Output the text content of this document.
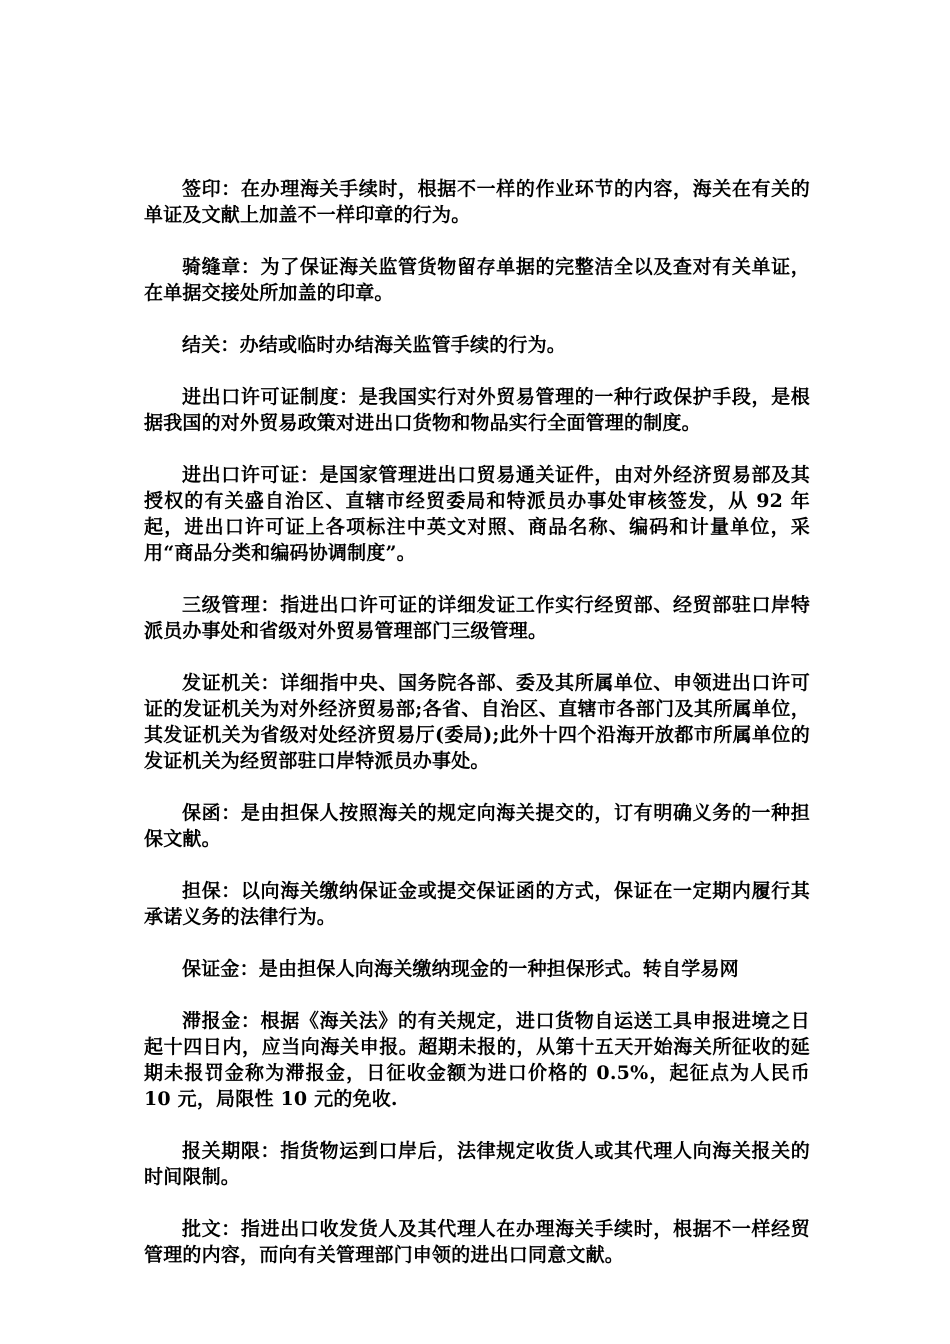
签印：在办理海关手续时，根据不一样的作业环节的内容，海关在有关的单证及文献上加盖不一样印章的行为。

骑缝章：为了保证海关监管货物留存单据的完整洁全以及查对有关单证，在单据交接处所加盖的印章。

结关：办结或临时办结海关监管手续的行为。

进出口许可证制度：是我国实行对外贸易管理的一种行政保护手段，是根据我国的对外贸易政策对进出口货物和物品实行全面管理的制度。

进出口许可证：是国家管理进出口贸易通关证件，由对外经济贸易部及其授权的有关盛自治区、直辖市经贸委局和特派员办事处审核签发，从 92 年起，进出口许可证上各项标注中英文对照、商品名称、编码和计量单位，采用“商品分类和编码协调制度”。

三级管理：指进出口许可证的详细发证工作实行经贸部、经贸部驻口岸特派员办事处和省级对外贸易管理部门三级管理。

发证机关：详细指中央、国务院各部、委及其所属单位、申领进出口许可证的发证机关为对外经济贸易部;各省、自治区、直辖市各部门及其所属单位，其发证机关为省级对处经济贸易厅(委局);此外十四个沿海开放都市所属单位的发证机关为经贸部驻口岸特派员办事处。

保函：是由担保人按照海关的规定向海关提交的，订有明确义务的一种担保文献。

担保：以向海关缴纳保证金或提交保证函的方式，保证在一定期内履行其承诺义务的法律行为。

保证金：是由担保人向海关缴纳现金的一种担保形式。转自学易网

滞报金：根据《海关法》的有关规定，进口货物自运送工具申报进境之日起十四日内，应当向海关申报。超期未报的，从第十五天开始海关所征收的延期未报罚金称为滞报金，日征收金额为进口价格的 0.5%，起征点为人民币 10 元，局限性 10 元的免收.

报关期限：指货物运到口岸后，法律规定收货人或其代理人向海关报关的时间限制。

批文：指进出口收发货人及其代理人在办理海关手续时，根据不一样经贸管理的内容，而向有关管理部门申领的进出口同意文献。
